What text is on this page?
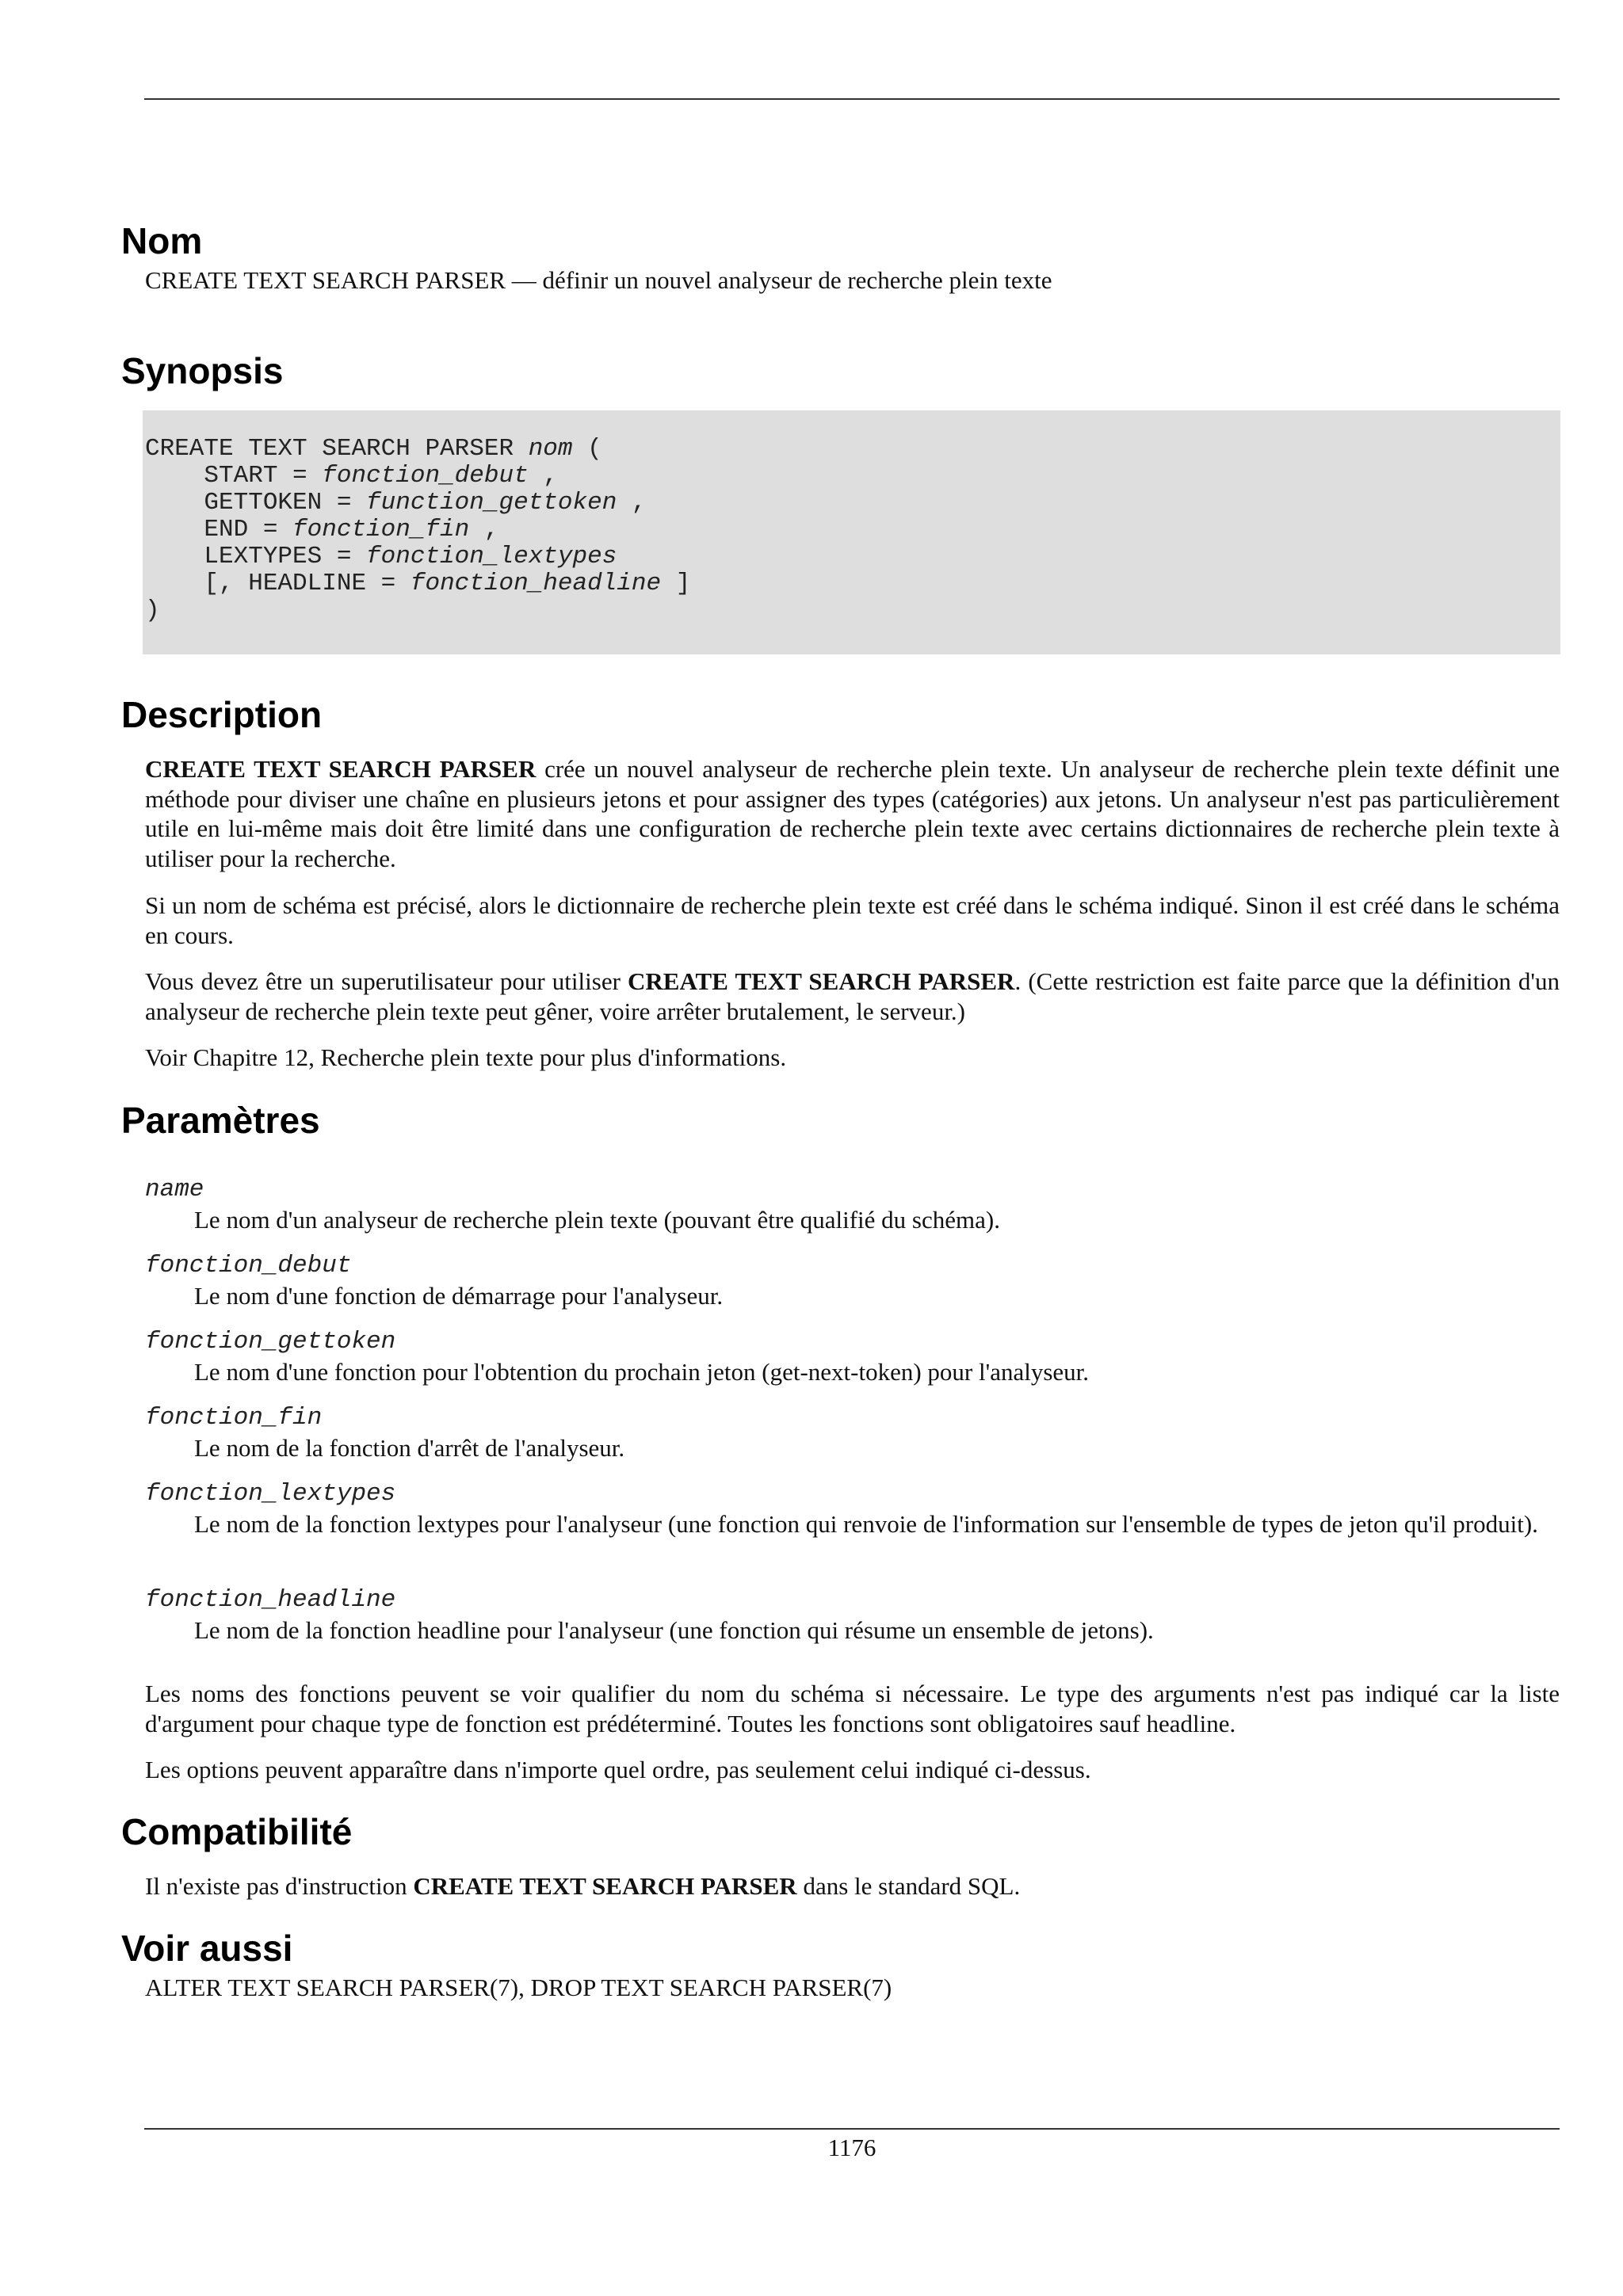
Nom

CREATE TEXT SEARCH PARSER — définir un nouvel analyseur de recherche plein texte

Synopsis
CREATE TEXT SEARCH PARSER nom (
START = fonction_debut ,
GETTOKEN = function_gettoken ,
END = fonction_fin ,
LEXTYPES = fonction_lextypes
[, HEADLINE = fonction_headline ]
)
Description

CREATE TEXT SEARCH PARSER crée un nouvel analyseur de recherche plein texte. Un analyseur de recherche plein texte définit une méthode pour diviser une chaîne en plusieurs jetons et pour assigner des types (catégories) aux jetons. Un analyseur n'est pas particulièrement utile en lui-même mais doit être limité dans une configuration de recherche plein texte avec certains dictionnaires de recherche plein texte à utiliser pour la recherche.

Si un nom de schéma est précisé, alors le dictionnaire de recherche plein texte est créé dans le schéma indiqué. Sinon il est créé dans le schéma en cours.

Vous devez être un superutilisateur pour utiliser CREATE TEXT SEARCH PARSER. (Cette restriction est faite parce que la définition d'un analyseur de recherche plein texte peut gêner, voire arrêter brutalement, le serveur.)

Voir Chapitre 12, Recherche plein texte pour plus d'informations.

Paramètres

name

Le nom d'un analyseur de recherche plein texte (pouvant être qualifié du schéma).

fonction_debut

Le nom d'une fonction de démarrage pour l'analyseur.

fonction_gettoken

Le nom d'une fonction pour l'obtention du prochain jeton (get-next-token) pour l'analyseur.

fonction_fin

Le nom de la fonction d'arrêt de l'analyseur.

fonction_lextypes

Le nom de la fonction lextypes pour l'analyseur (une fonction qui renvoie de l'information sur l'ensemble de types de jeton qu'il produit).

fonction_headline

Le nom de la fonction headline pour l'analyseur (une fonction qui résume un ensemble de jetons).

Les noms des fonctions peuvent se voir qualifier du nom du schéma si nécessaire. Le type des arguments n'est pas indiqué car la liste d'argument pour chaque type de fonction est prédéterminé. Toutes les fonctions sont obligatoires sauf headline.

Les options peuvent apparaître dans n'importe quel ordre, pas seulement celui indiqué ci-dessus.

Compatibilité

Il n'existe pas d'instruction CREATE TEXT SEARCH PARSER dans le standard SQL.

Voir aussi

ALTER TEXT SEARCH PARSER(7), DROP TEXT SEARCH PARSER(7)

1176
